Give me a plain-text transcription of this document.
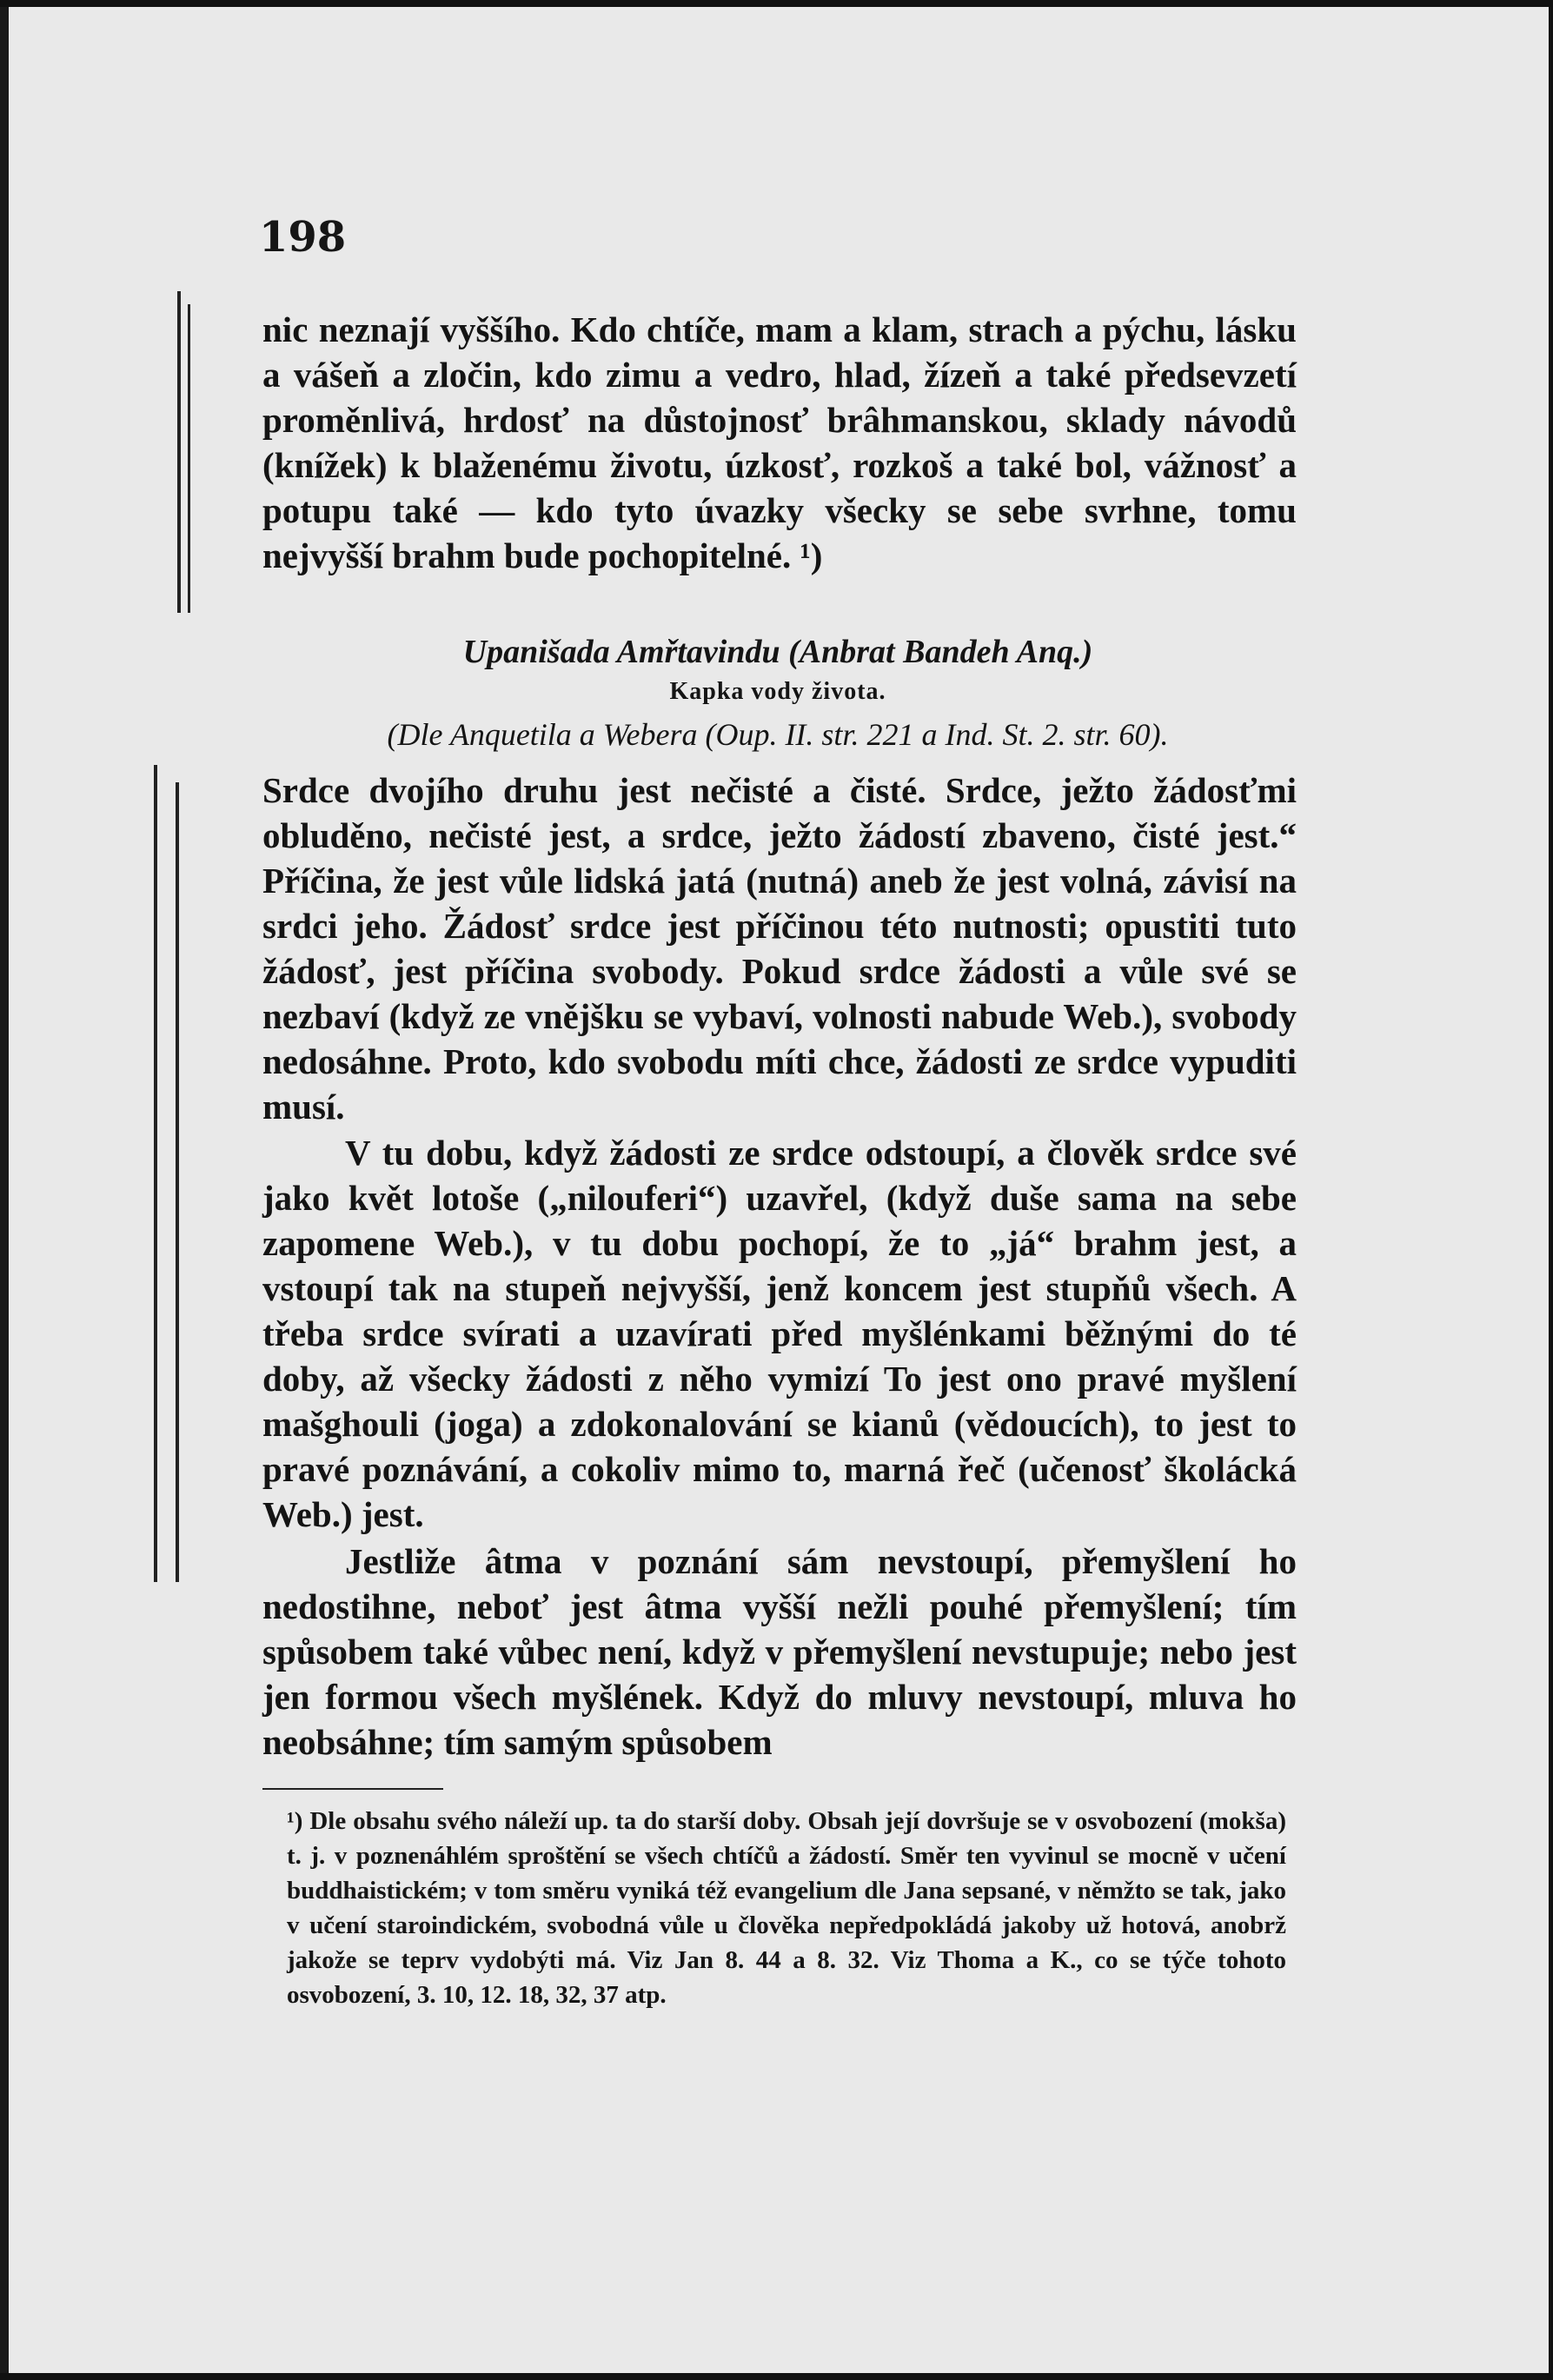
198
nic neznají vyššího. Kdo chtíče, mam a klam, strach a pýchu, lásku a vášeň a zločin, kdo zimu a vedro, hlad, žízeň a také předsevzetí proměnlivá, hrdosť na důstojnosť brâhmanskou, sklady návodů (knížek) k blaženému životu, úzkosť, rozkoš a také bol, vážnosť a potupu také — kdo tyto úvazky všecky se sebe svrhne, tomu nejvyšší brahm bude pochopitelné. ¹)
Upanišada Amřtavindu (Anbrat Bandeh Anq.)
Kapka vody života.
(Dle Anquetila a Webera (Oup. II. str. 221 a Ind. St. 2. str. 60).
Srdce dvojího druhu jest nečisté a čisté. Srdce, ježto žádosťmi obluděno, nečisté jest, a srdce, ježto žádostí zbaveno, čisté jest.“ Příčina, že jest vůle lidská jatá (nutná) aneb že jest volná, závisí na srdci jeho. Žádosť srdce jest příčinou této nutnosti; opustiti tuto žádosť, jest příčina svobody. Pokud srdce žádosti a vůle své se nezbaví (když ze vnějšku se vybaví, volnosti nabude Web.), svobody nedosáhne. Proto, kdo svobodu míti chce, žádosti ze srdce vypuditi musí.
V tu dobu, když žádosti ze srdce odstoupí, a člověk srdce své jako květ lotoše („nilouferi“) uzavřel, (když duše sama na sebe zapomene Web.), v tu dobu pochopí, že to „já“ brahm jest, a vstoupí tak na stupeň nejvyšší, jenž koncem jest stupňů všech. A třeba srdce svírati a uzavírati před myšlénkami běžnými do té doby, až všecky žádosti z něho vymizí To jest ono pravé myšlení mašghouli (joga) a zdokonalování se kianů (vědoucích), to jest to pravé poznávání, a cokoliv mimo to, marná řeč (učenosť školácká Web.) jest.
Jestliže âtma v poznání sám nevstoupí, přemyšlení ho nedostihne, neboť jest âtma vyšší nežli pouhé přemyšlení; tím spůsobem také vůbec není, když v přemyšlení nevstupuje; nebo jest jen formou všech myšlének. Když do mluvy nevstoupí, mluva ho neobsáhne; tím samým spůsobem
¹) Dle obsahu svého náleží up. ta do starší doby. Obsah její dovršuje se v osvobození (mokša) t. j. v poznenáhlém sproštění se všech chtíčů a žádostí. Směr ten vyvinul se mocně v učení buddhaistickém; v tom směru vyniká též evangelium dle Jana sepsané, v němžto se tak, jako v učení staroindickém, svobodná vůle u člověka nepředpokládá jakoby už hotová, anobrž jakože se teprv vydobýti má. Viz Jan 8. 44 a 8. 32. Viz Thoma a K., co se týče tohoto osvobození, 3. 10, 12. 18, 32, 37 atp.
